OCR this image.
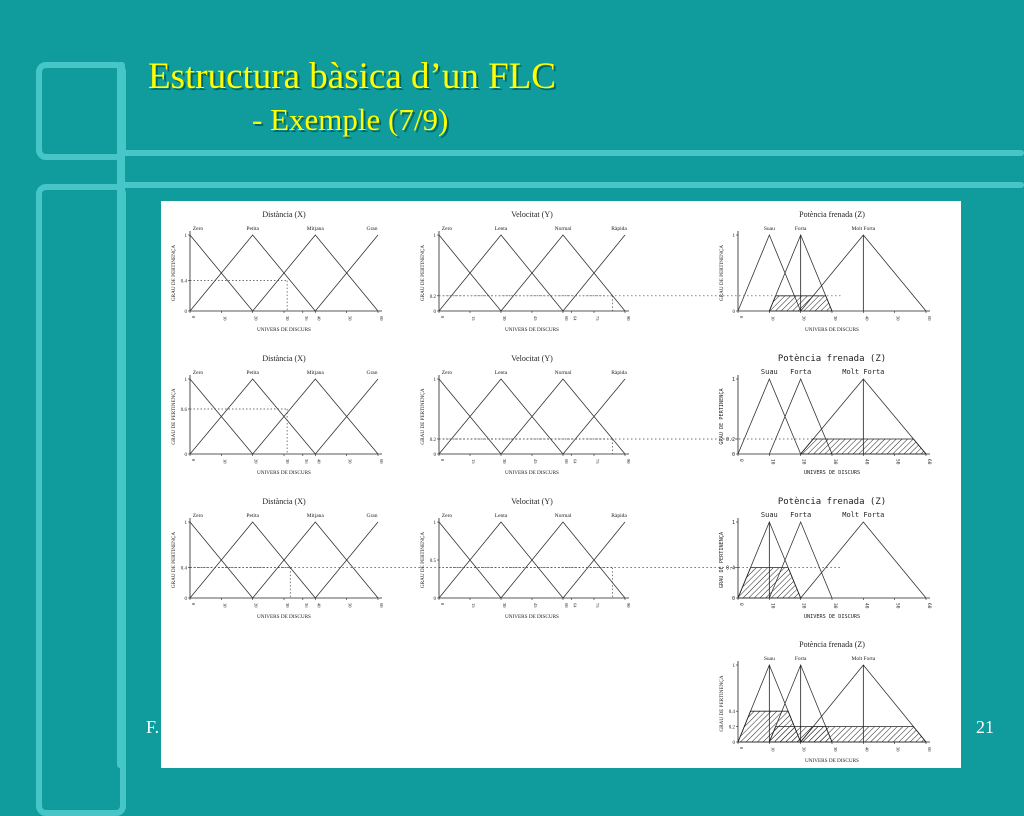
Estructura bàsica d’un FLC
- Exemple (7/9)
F.	21
Distància (X)
0
0.4
1
0	10	20	30	36 40	50	60
UNIVERS DE DISCURS
GRAU DE PERTINENÇA
Zero	Petita	Mitjana	Gran
Velocitat (Y)
0
0.2
1
0	15	30	45	60 64	75	90
UNIVERS DE DISCURS
GRAU DE PERTINENÇA
Zero	Lenta	Normal	Ràpida
Potència frenada (Z)
0
1
0	10	20	30	40	50	60
UNIVERS DE DISCURS
GRAU DE PERTINENÇA
Suau	Forta	Molt Forta
Distància (X)
0
0.6
1
0	10	20	30	36 40	50	60
UNIVERS DE DISCURS
GRAU DE PERTINENÇA
Zero	Petita	Mitjana	Gran
Velocitat (Y)
0
0.2
1
0	15	30	45	60 64	75	90
UNIVERS DE DISCURS
GRAU DE PERTINENÇA
Zero	Lenta	Normal	Ràpida
Potència frenada (Z)
0
0.2
1
0	10	20	30	40	50	60
UNIVERS DE DISCURS
GRAU DE PERTINENÇA
Suau Forta	Molt Forta
Distància (X)
0
0.4
1
0	10	20	30	36 40	50	60
UNIVERS DE DISCURS
GRAU DE PERTINENÇA
Zero	Petita	Mitjana	Gran
Velocitat (Y)
0
0.5
1
0	15	30	45	60 64	75	90
UNIVERS DE DISCURS
GRAU DE PERTINENÇA
Zero	Lenta	Normal	Ràpida
Potència frenada (Z)
0
0.4
1
0	10	20	30	40	50	60
UNIVERS DE DISCURS
GRAU DE PERTINENÇA
Suau Forta	Molt Forta
Potència frenada (Z)
0
0.2
0.4
1
0	10	20	30	40	50	60
UNIVERS DE DISCURS
GRAU DE PERTINENÇA
Suau	Forta	Molt Forta
